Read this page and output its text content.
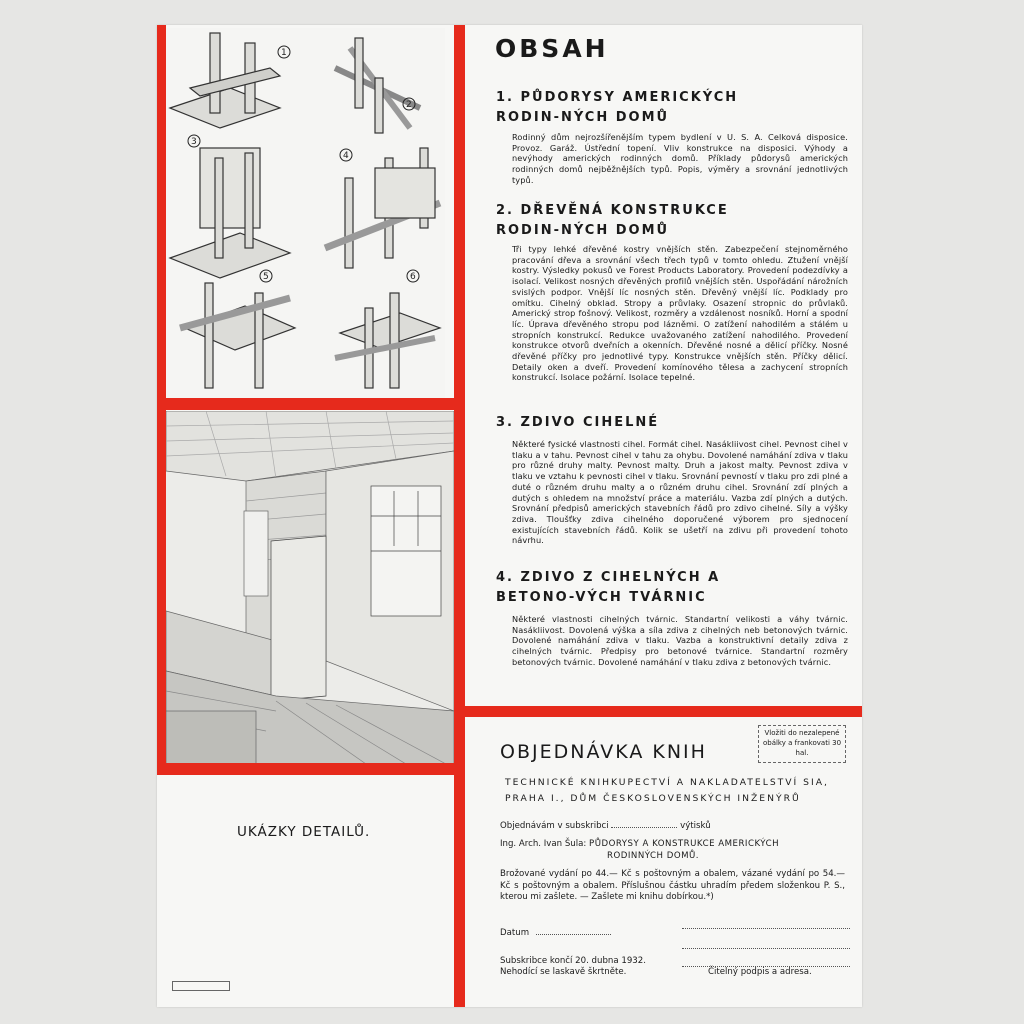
1
2
3
4
5	6
OBSAH
1. PŮDORYSY AMERICKÝCH RODIN-NÝCH DOMŮ
Rodinný dům nejrozšířenějším typem bydlení v U. S. A. Celková disposice. Provoz. Garáž. Ústřední topení. Vliv konstrukce na disposici. Výhody a nevýhody amerických rodinných domů. Příklady půdorysů amerických rodinných domů nejběžnějších typů. Popis, výměry a srovnání jednotlivých typů.
2. DŘEVĚNÁ KONSTRUKCE RODIN-NÝCH DOMŮ
Tři typy lehké dřevěné kostry vnějších stěn. Zabezpečení stejnoměrného pracování dřeva a srovnání všech třech typů v tomto ohledu. Ztužení vnější kostry. Výsledky pokusů ve Forest Products Laboratory. Provedení podezdívky a isolací. Velikost nosných dřevěných profilů vnějších stěn. Uspořádání nárožních svislých podpor. Vnější líc nosných stěn. Dřevěný vnější líc. Podklady pro omítku. Cihelný obklad. Stropy a průvlaky. Osazení stropnic do průvlaků. Americký strop fošnový. Velikost, rozměry a vzdálenost nosníků. Horní a spodní líc. Úprava dřevěného stropu pod lázněmi. O zatížení nahodilém a stálém u stropních konstrukcí. Redukce uvažovaného zatížení nahodilého. Provedení konstrukce otvorů dveřních a okenních. Dřevěné nosné a dělicí příčky. Nosné dřevěné příčky pro jednotlivé typy. Konstrukce vnějších stěn. Příčky dělicí. Detaily oken a dveří. Provedení komínového tělesa a zachycení stropních konstrukcí. Isolace požární. Isolace tepelné.
3. ZDIVO CIHELNÉ
Některé fysické vlastnosti cihel. Formát cihel. Nasákliivost cihel. Pevnost cihel v tlaku a v tahu. Pevnost cihel v tahu za ohybu. Dovolené namáhání zdiva v tlaku pro různé druhy malty. Pevnost malty. Druh a jakost malty. Pevnost zdiva v tlaku ve vztahu k pevnosti cihel v tlaku. Srovnání pevností v tlaku pro zdi plné a duté o různém druhu malty a o různém druhu cihel. Srovnání zdí plných a dutých s ohledem na množství práce a materiálu. Vazba zdí plných a dutých. Srovnání předpisů amerických stavebních řádů pro zdivo cihelné. Síly a výšky zdiva. Tloušťky zdiva cihelného doporučené výborem pro sjednocení existujících stavebních řádů. Kolik se ušetří na zdivu při provedení tohoto návrhu.
4. ZDIVO Z CIHELNÝCH A BETONO-VÝCH TVÁRNIC
Některé vlastnosti cihelných tvárnic. Standartní velikosti a váhy tvárnic. Nasákliivost. Dovolená výška a síla zdiva z cihelných neb betonových tvárnic. Dovolené namáhání zdiva v tlaku. Vazba a konstruktivní detaily zdiva z cihelných tvárnic. Předpisy pro betonové tvárnice. Standartní rozměry betonových tvárnic. Dovolené namáhání v tlaku zdiva z betonových tvárnic.
UKÁZKY DETAILŮ.
Vložiti do nezalepené obálky a frankovati 30 hal.
OBJEDNÁVKA KNIH
TECHNICKÉ KNIHKUPECTVÍ A NAKLADATELSTVÍ SIA,
PRAHA I., DŮM ČESKOSLOVENSKÝCH INŽENÝRŮ
Objednávám v subskribci	výtisků
Ing. Arch. Ivan Šula: PŮDORYSY A KONSTRUKCE AMERICKÝCH
RODINNÝCH DOMŮ.
Brožované vydání po 44.— Kč s poštovným a obalem, vázané vydání po 54.— Kč s poštovným a obalem. Příslušnou částku uhradím předem složenkou P. S., kterou mi zašlete. — Zašlete mi knihu dobírkou.*)
Datum
Subskribce končí 20. dubna 1932.
Nehodící se laskavě škrtněte.	Čitelný podpis a adresa.
